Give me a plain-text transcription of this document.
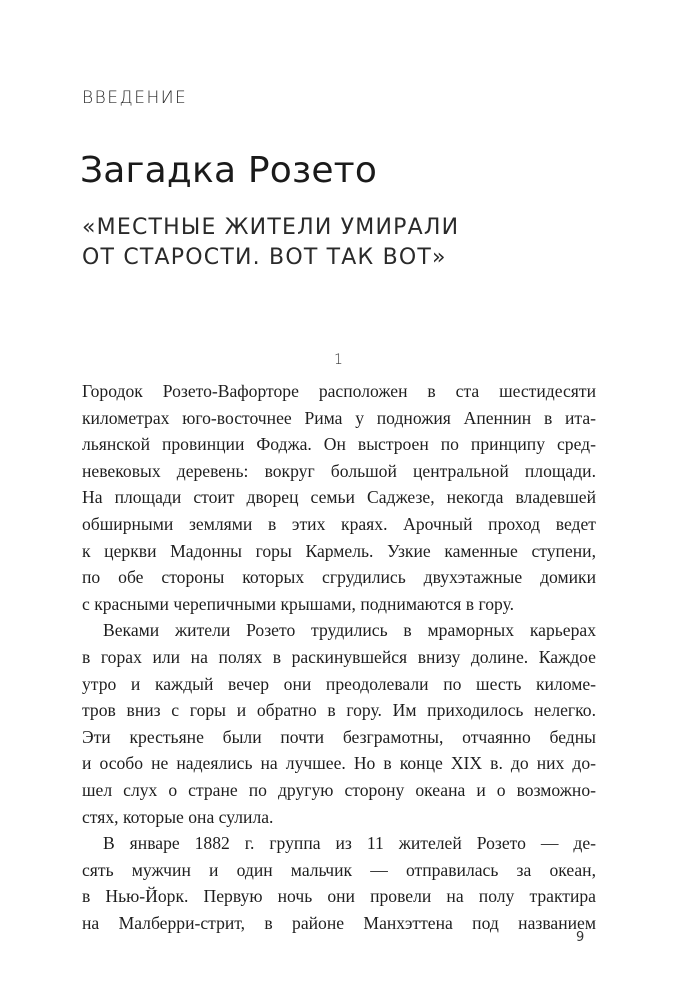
ВВЕДЕНИЕ
Загадка Розето
«МЕСТНЫЕ ЖИТЕЛИ УМИРАЛИ
ОТ СТАРОСТИ. ВОТ ТАК ВОТ»
1
Городок Розето-Вафорторе расположен в ста шестидесяти
километрах юго-восточнее Рима у подножия Апеннин в ита-
льянской провинции Фоджа. Он выстроен по принципу сред-
невековых деревень: вокруг большой центральной площади.
На площади стоит дворец семьи Саджезе, некогда владевшей
обширными землями в этих краях. Арочный проход ведет
к церкви Мадонны горы Кармель. Узкие каменные ступени,
по обе стороны которых сгрудились двухэтажные домики
с красными черепичными крышами, поднимаются в гору.
Веками жители Розето трудились в мраморных карьерах
в горах или на полях в раскинувшейся внизу долине. Каждое
утро и каждый вечер они преодолевали по шесть киломе-
тров вниз с горы и обратно в гору. Им приходилось нелегко.
Эти крестьяне были почти безграмотны, отчаянно бедны
и особо не надеялись на лучшее. Но в конце XIX в. до них до-
шел слух о стране по другую сторону океана и о возможно-
стях, которые она сулила.
В январе 1882 г. группа из 11 жителей Розето — де-
сять мужчин и один мальчик — отправилась за океан,
в Нью-Йорк. Первую ночь они провели на полу трактира
на Малберри-стрит, в районе Манхэттена под названием
9
